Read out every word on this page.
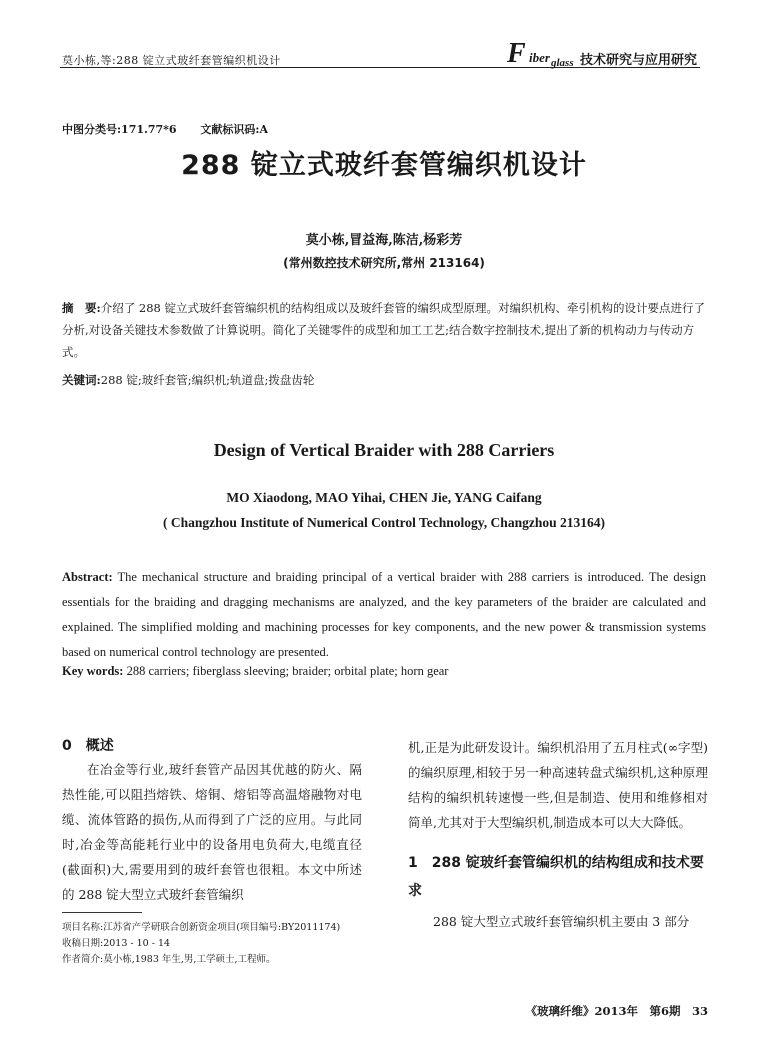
莫小栋,等:288 锭立式玻纤套管编织机设计	F iber glass 技术研究与应用研究
中图分类号:171.77*6 文献标识码:A
288 锭立式玻纤套管编织机设计
莫小栋,冒益海,陈洁,杨彩芳
(常州数控技术研究所,常州 213164)
摘　要:介绍了 288 锭立式玻纤套管编织机的结构组成以及玻纤套管的编织成型原理。对编织机构、牵引机构的设计要点进行了分析,对设备关键技术参数做了计算说明。简化了关键零件的成型和加工工艺;结合数字控制技术,提出了新的机构动力与传动方式。
关键词:288 锭;玻纤套管;编织机;轨道盘;拨盘齿轮
Design of Vertical Braider with 288 Carriers
MO Xiaodong, MAO Yihai, CHEN Jie, YANG Caifang
( Changzhou Institute of Numerical Control Technology, Changzhou 213164)
Abstract: The mechanical structure and braiding principal of a vertical braider with 288 carriers is introduced. The design essentials for the braiding and dragging mechanisms are analyzed, and the key parameters of the braider are calculated and explained. The simplified molding and machining processes for key components, and the new power & transmission systems based on numerical control technology are presented.
Key words: 288 carriers; fiberglass sleeving; braider; orbital plate; horn gear
0 概述
在冶金等行业,玻纤套管产品因其优越的防火、隔热性能,可以阻挡熔铁、熔铜、熔铝等高温熔融物对电缆、流体管路的损伤,从而得到了广泛的应用。与此同时,冶金等高能耗行业中的设备用电负荷大,电缆直径(截面积)大,需要用到的玻纤套管也很粗。本文中所述的 288 锭大型立式玻纤套管编织
机,正是为此研发设计。编织机沿用了五月柱式(∞字型)的编织原理,相较于另一种高速转盘式编织机,这种原理结构的编织机转速慢一些,但是制造、使用和维修相对简单,尤其对于大型编织机,制造成本可以大大降低。
1 288 锭玻纤套管编织机的结构组成和技术要求
288 锭大型立式玻纤套管编织机主要由 3 部分
项目名称:江苏省产学研联合创新资金项目(项目编号:BY2011174)
收稿日期:2013 - 10 - 14
作者简介:莫小栋,1983 年生,男,工学硕士,工程师。
《玻璃纤维》2013年　第6期　33
